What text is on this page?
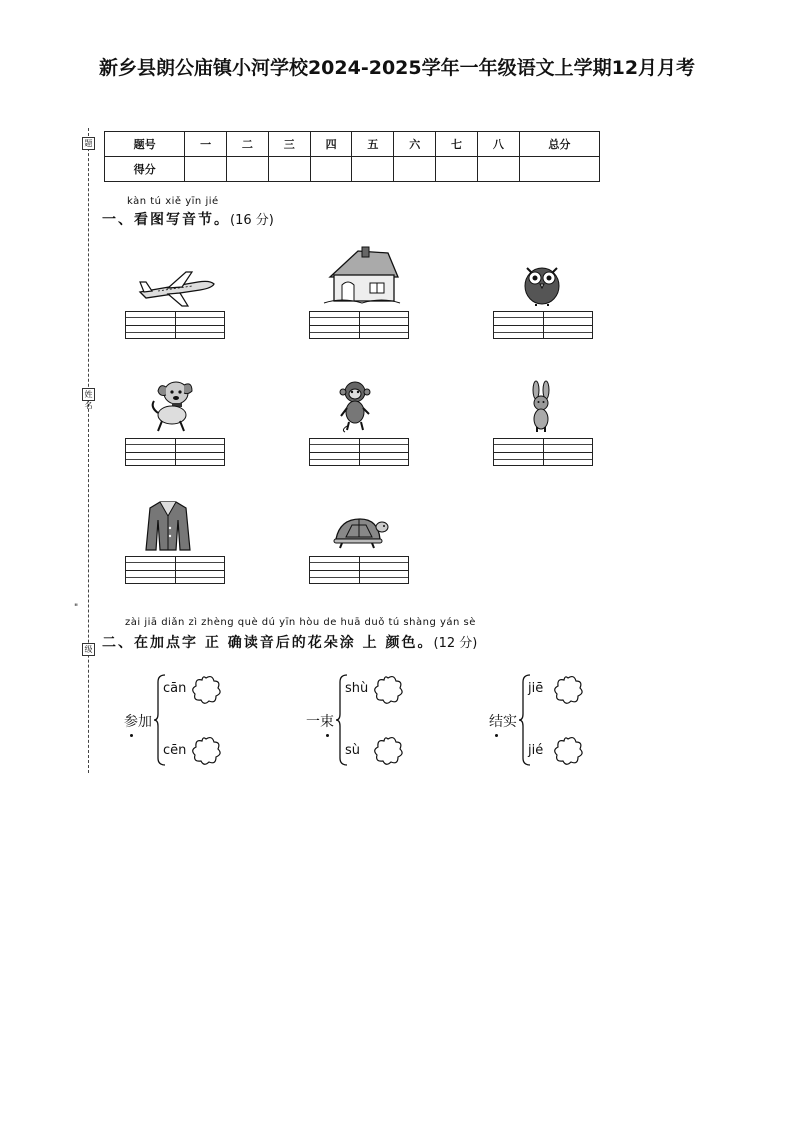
新乡县朗公庙镇小河学校2024-2025学年一年级语文上学期12月月考
题
姓名
级
"
题号	一	二	三	四	五	六	七	八	总分
得分									
kàn tú xiě yīn jié
一、看图写音节。(16 分)
zài jiā diǎn zì zhèng què dú yīn hòu de huā duǒ tú shàng yán sè
二、在加点字 正 确读音后的花朵涂 上 颜色。(12 分)
参加
cān
cēn
一束
shù
sù
结实
jiē
jié
